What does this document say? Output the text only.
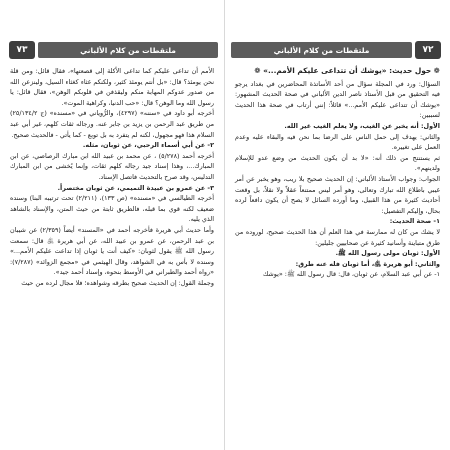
ملتقطات من كلام الألباني
٧٣

الأمم أن تداعى عليكم كما تداعى الأكلة إلى قصعتها»، فقال قائل: ومن قلة نحن يومئذ؟ قال: «بل أنتم يومئذ كثير، ولكنكم غثاء كغثاء السيل، ولينزعن الله من صدور عدوكم المهابة منكم وليقذفن في قلوبكم الوهن»، فقال قائل: يا رسول الله وما الوهن؟ قال: «حب الدنيا، وكراهية الموت».

أخرجه أبو داود في «سننه» (٤٢٩٧)، والرُّوياني في «مسنده» (ج ٢٥/١٣٤/٢) من طريق عبد الرحمن بن يزيد بن جابر عنه. ورجاله ثقات كلهم، غير أبي عبد السلام هذا فهو مجهول، لكنه لم يتفرد به بل توبع - كما يأتي - فالحديث صحيح.

٢- عن أبي أسماء الرحبي، عن ثوبان، مثله.

أخرجه أحمد (٥/٢٧٨) ، عن محمد بن عبيد الله ابن مبارك الرصاصي، عن ابن المبارك...، وهذا إسناد جيد رجاله كلهم ثقات، وإنما يُخشى من ابن المبارك التدليس، وقد صرح بالتحديث فاتصل الإسناد.

٣- عن عمرو بن عبيدة التميمي، عن ثوبان مختصراً.

أخرجه الطيالسي في «مسنده» (ص ١٣٣)، (٢/٢١١) تحت ترتيبه البنا) وسنده ضعيف لكنه قوي بما قبله، فالطريق ثابتة من حيث المتن، والإسناد بالشاهد الذي يليه.

وأما حديث أبي هريرة فأخرجه أحمد في «المسند» أيضاً (٢/٣٥٩) عن شيبان بن عبد الرحمن، عن عمرو بن عبيد الله، عن أبي هريرة ﵁ قال: سمعت رسول الله ﷺ يقول لثوبان: «كيف أنت يا ثوبان إذا تداعت عليكم الأمم...» وسنده لا بأس به في الشواهد، وقال الهيثمي في «مجمع الزوائد» (٧/٢٨٧): «رواه أحمد والطبراني في الأوسط بنحوه، وإسناد أحمد جيد».

وجملة القول: إن الحديث صحيح بطرقه وشواهده؛ فلا مجال لرده من حيث

٧٢
ملتقطات من كلام الألباني
❁ حول حديث: «يوشك أن تتداعى عليكم الأمم...» ❁

السؤال: ورد في المجلة سؤال من أحد الأساتذة المحاضرين في بغداد يرجو فيه التحقيق من قبل الأستاذ ناصر الدين الألباني في صحة الحديث المشهور: «يوشك أن تتداعى عليكم الأمم...» قائلاً: إنني أرتاب في صحة هذا الحديث لسببين:

الأول: أنه يخبر عن الغيب، ولا يعلم الغيب غير الله.

والثاني: يهدف إلى حمل الناس على الرضا بما نحن فيه والبقاء عليه وعدم العمل على تغييره.

ثم يستنتج من ذلك أنه: «لا بد أن يكون الحديث من وضع عدو للإسلام ولدينهم».

الجواب: وجواب الأستاذ الألباني: إن الحديث صحيح بلا ريب، وهو يخبر عن أمر غيبي باطلاع الله تبارك وتعالى، وهو أمر ليس ممتنعاً عقلاً ولا نقلاً، بل وقعت أحاديث كثيرة من هذا القبيل، وما أورده السائل لا يصح أن يكون دافعاً لرده بحال، وإليكم التفصيل:

١- صحة الحديث:

لا يشك من كان له ممارسة في هذا العلم أن هذا الحديث صحيح، لوروده من طرق متباينة وأسانيد كثيرة عن صحابيين جليلين:

الأول: ثوبان مولى رسول الله ﷺ.

والثاني: أبو هريرة ﵁، أما ثوبان فله عنه طرق:

١- عن أبي عبد السلام، عن ثوبان، قال: قال رسول الله ﷺ: «يوشك
